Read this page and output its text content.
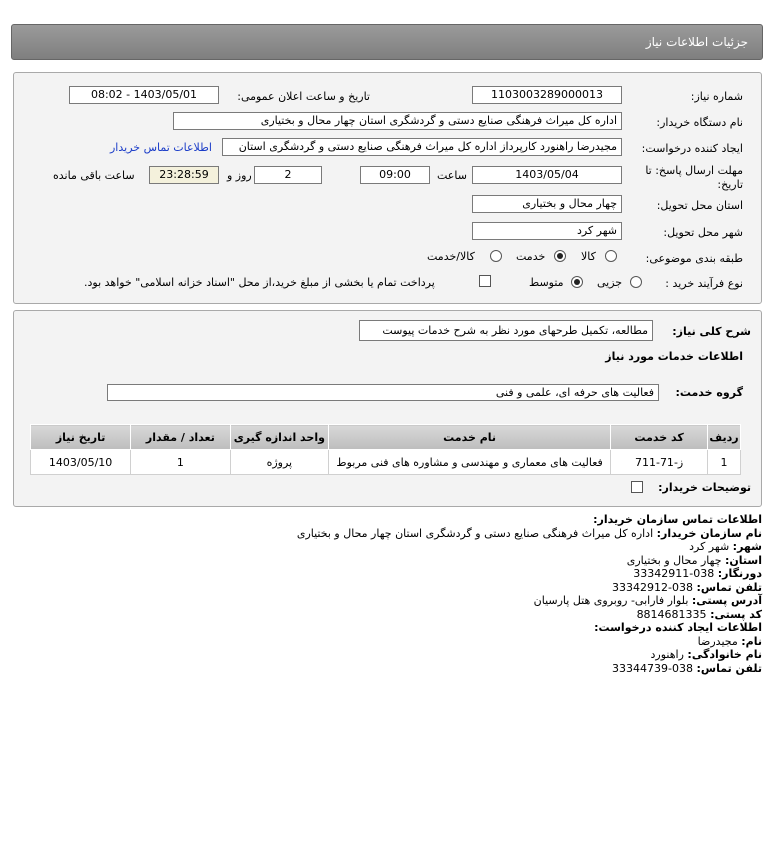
جزئیات اطلاعات نیاز
شماره نیاز:
1103003289000013
تاریخ و ساعت اعلان عمومی:
1403/05/01 - 08:02
نام دستگاه خریدار:
اداره کل میراث فرهنگی صنایع دستی و گردشگری استان چهار محال و بختیاری
ایجاد کننده درخواست:
مجیدرضا راهنورد کارپرداز اداره کل میراث فرهنگی صنایع دستی و گردشگری استان
اطلاعات تماس خریدار
مهلت ارسال پاسخ: تا
تاریخ:
1403/05/04
ساعت
09:00
2
روز و
23:28:59
ساعت باقی مانده
استان محل تحویل:
چهار محال و بختیاری
شهر محل تحویل:
شهر کرد
طبقه بندی موضوعی:
کالا
خدمت
کالا/خدمت
نوع فرآیند خرید :
جزیی
متوسط
پرداخت تمام یا بخشی از مبلغ خرید،از محل "اسناد خزانه اسلامی" خواهد بود.
شرح کلی نیاز:
مطالعه، تکمیل طرحهای مورد نظر به شرح خدمات پیوست
اطلاعات خدمات مورد نیاز
گروه خدمت:
فعالیت های حرفه ای، علمی و فنی
ردیف	کد خدمت	نام خدمت	واحد اندازه گیری	تعداد / مقدار	تاریخ نیاز
1	ز-71-711	فعالیت های معماری و مهندسی و مشاوره های فنی مربوط	پروژه	1	1403/05/10
توضیحات خریدار:
اطلاعات تماس سازمان خریدار:
نام سازمان خریدار: اداره کل میراث فرهنگی صنایع دستی و گردشگری استان چهار محال و بختیاری
شهر: شهر کرد
استان: چهار محال و بختیاری
دورنگار: 038-33342911
تلفن تماس: 038-33342912
آدرس پستی: بلوار فارابی- روبروی هتل پارسیان
کد پستی: 8814681335
اطلاعات ایجاد کننده درخواست:
نام: مجیدرضا
نام خانوادگی: راهنورد
تلفن تماس: 038-33344739
